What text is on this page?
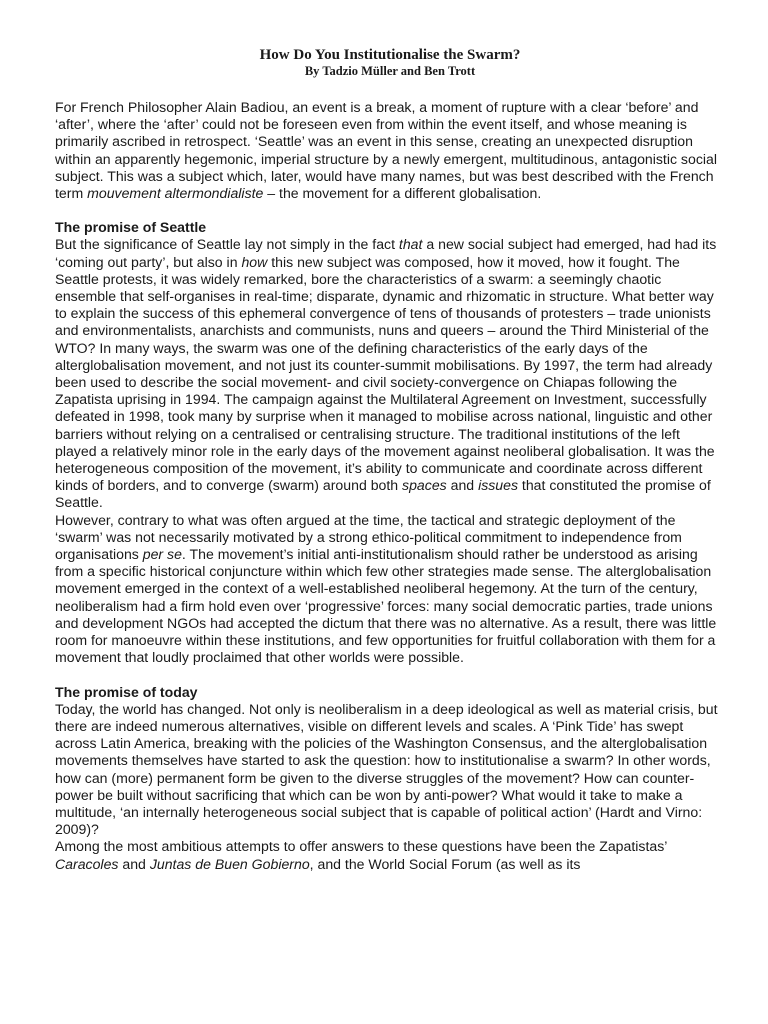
How Do You Institutionalise the Swarm?
By Tadzio Müller and Ben Trott

For French Philosopher Alain Badiou, an event is a break, a moment of rupture with a clear ‘before’ and ‘after’, where the ‘after’ could not be foreseen even from within the event itself, and whose meaning is primarily ascribed in retrospect. ‘Seattle’ was an event in this sense, creating an unexpected disruption within an apparently hegemonic, imperial structure by a newly emergent, multitudinous, antagonistic social subject. This was a subject which, later, would have many names, but was best described with the French term mouvement altermondialiste – the movement for a different globalisation.

The promise of Seattle

But the significance of Seattle lay not simply in the fact that a new social subject had emerged, had had its ‘coming out party’, but also in how this new subject was composed, how it moved, how it fought. The Seattle protests, it was widely remarked, bore the characteristics of a swarm: a seemingly chaotic ensemble that self-organises in real-time; disparate, dynamic and rhizomatic in structure. What better way to explain the success of this ephemeral convergence of tens of thousands of protesters – trade unionists and environmentalists, anarchists and communists, nuns and queers – around the Third Ministerial of the WTO? In many ways, the swarm was one of the defining characteristics of the early days of the alterglobalisation movement, and not just its counter-summit mobilisations. By 1997, the term had already been used to describe the social movement- and civil society-convergence on Chiapas following the Zapatista uprising in 1994. The campaign against the Multilateral Agreement on Investment, successfully defeated in 1998, took many by surprise when it managed to mobilise across national, linguistic and other barriers without relying on a centralised or centralising structure. The traditional institutions of the left played a relatively minor role in the early days of the movement against neoliberal globalisation. It was the heterogeneous composition of the movement, it’s ability to communicate and coordinate across different kinds of borders, and to converge (swarm) around both spaces and issues that constituted the promise of Seattle.

However, contrary to what was often argued at the time, the tactical and strategic deployment of the ‘swarm’ was not necessarily motivated by a strong ethico-political commitment to independence from organisations per se. The movement’s initial anti-institutionalism should rather be understood as arising from a specific historical conjuncture within which few other strategies made sense. The alterglobalisation movement emerged in the context of a well-established neoliberal hegemony. At the turn of the century, neoliberalism had a firm hold even over ‘progressive’ forces: many social democratic parties, trade unions and development NGOs had accepted the dictum that there was no alternative. As a result, there was little room for manoeuvre within these institutions, and few opportunities for fruitful collaboration with them for a movement that loudly proclaimed that other worlds were possible.

The promise of today

Today, the world has changed. Not only is neoliberalism in a deep ideological as well as material crisis, but there are indeed numerous alternatives, visible on different levels and scales. A ‘Pink Tide’ has swept across Latin America, breaking with the policies of the Washington Consensus, and the alterglobalisation movements themselves have started to ask the question: how to institutionalise a swarm? In other words, how can (more) permanent form be given to the diverse struggles of the movement? How can counter-power be built without sacrificing that which can be won by anti-power? What would it take to make a multitude, ‘an internally heterogeneous social subject that is capable of political action’ (Hardt and Virno: 2009)?

Among the most ambitious attempts to offer answers to these questions have been the Zapatistas’ Caracoles and Juntas de Buen Gobierno, and the World Social Forum (as well as its
